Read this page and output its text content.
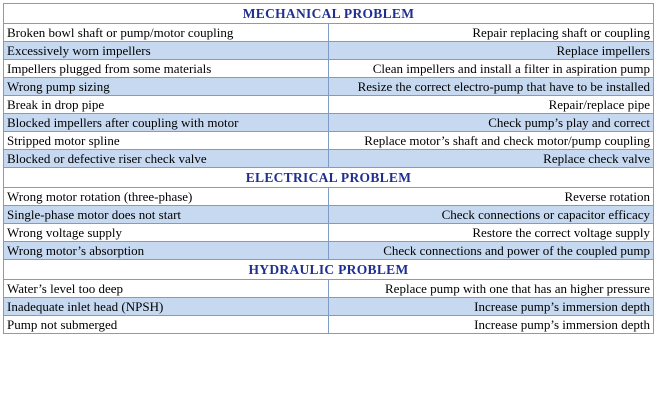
MECHANICAL PROBLEM	
Broken bowl shaft or pump/motor coupling	Repair replacing shaft or coupling
Excessively worn impellers	Replace impellers
Impellers plugged from some materials	Clean impellers and install a filter in aspiration pump
Wrong pump sizing	Resize the correct electro-pump that have to be installed
Break in drop pipe	Repair/replace pipe
Blocked impellers after coupling with motor	Check pump’s play and correct
Stripped motor spline	Replace motor’s shaft and check motor/pump coupling
Blocked or defective riser check valve	Replace check valve
ELECTRICAL PROBLEM	
Wrong motor rotation (three-phase)	Reverse rotation
Single-phase motor does not start	Check connections or capacitor efficacy
Wrong voltage supply	Restore the correct voltage supply
Wrong motor’s absorption	Check connections and power of the coupled pump
HYDRAULIC PROBLEM	
Water’s level too deep	Replace pump with one that has an higher pressure
Inadequate inlet head (NPSH)	Increase pump’s immersion depth
Pump not submerged	Increase pump’s immersion depth
